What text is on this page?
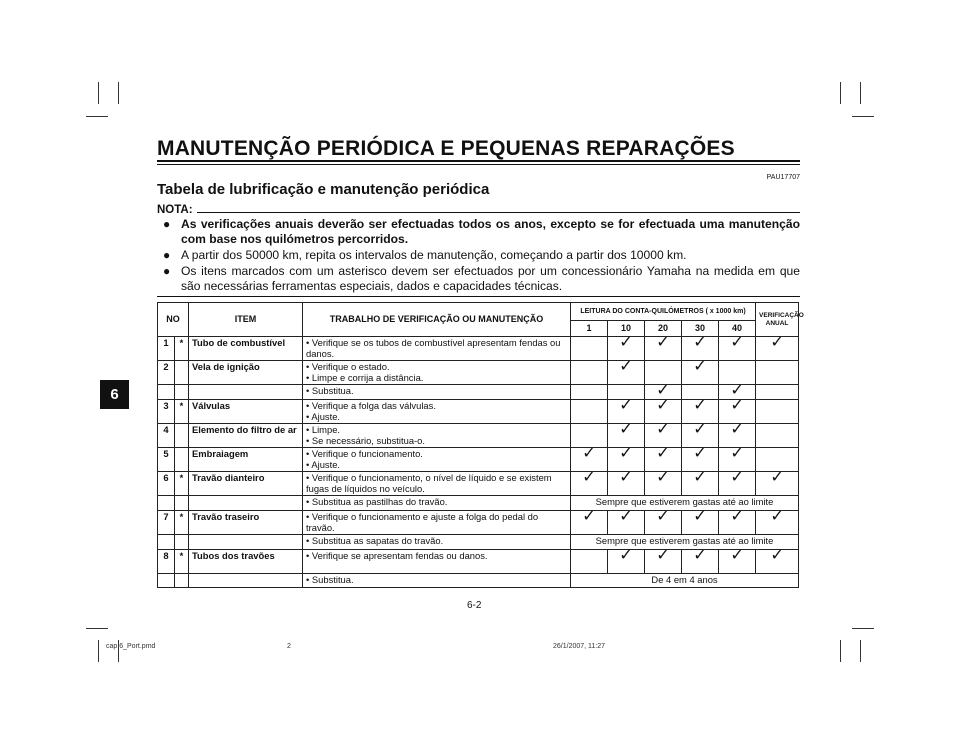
MANUTENÇÃO PERIÓDICA E PEQUENAS REPARAÇÕES
PAU17707
Tabela de lubrificação e manutenção periódica
NOTA:
● As verificações anuais deverão ser efectuadas todos os anos, excepto se for efectuada uma manutenção com base nos quilómetros percorridos.
● A partir dos 50000 km, repita os intervalos de manutenção, começando a partir dos 10000 km.
● Os itens marcados com um asterisco devem ser efectuados por um concessionário Yamaha na medida em que são necessárias ferramentas especiais, dados e capacidades técnicas.
6
NO		ITEM	TRABALHO DE VERIFICAÇÃO OU MANUTENÇÃO	LEITURA DO CONTA-QUILÓMETROS ( x 1000 km)					VERIFICAÇÃO ANUAL
				1	10	20	30	40	
1	*	Tubo de combustível	• Verifique se os tubos de combustível apresentam fendas ou danos.		✓	✓	✓	✓	✓
2		Vela de ignição	• Verifique o estado.
• Limpe e corrija a distância.		✓		✓		
			• Substitua.			✓		✓	
3	*	Válvulas	• Verifique a folga das válvulas.
• Ajuste.		✓	✓	✓	✓	
4		Elemento do filtro de ar	• Limpe.
• Se necessário, substitua-o.		✓	✓	✓	✓	
5		Embraiagem	• Verifique o funcionamento.
• Ajuste.	✓	✓	✓	✓	✓	
6	*	Travão dianteiro	• Verifique o funcionamento, o nível de líquido e se existem fugas de líquidos no veículo.	✓	✓	✓	✓	✓	✓
			• Substitua as pastilhas do travão.	Sempre que estiverem gastas até ao limite					
7	*	Travão traseiro	• Verifique o funcionamento e ajuste a folga do pedal do travão.	✓	✓	✓	✓	✓	✓
			• Substitua as sapatas do travão.	Sempre que estiverem gastas até ao limite					
8	*	Tubos dos travões	• Verifique se apresentam fendas ou danos.		✓	✓	✓	✓	✓
			• Substitua.	De 4 em 4 anos					
6-2
cap 6_Port.pmd	2	26/1/2007, 11:27
